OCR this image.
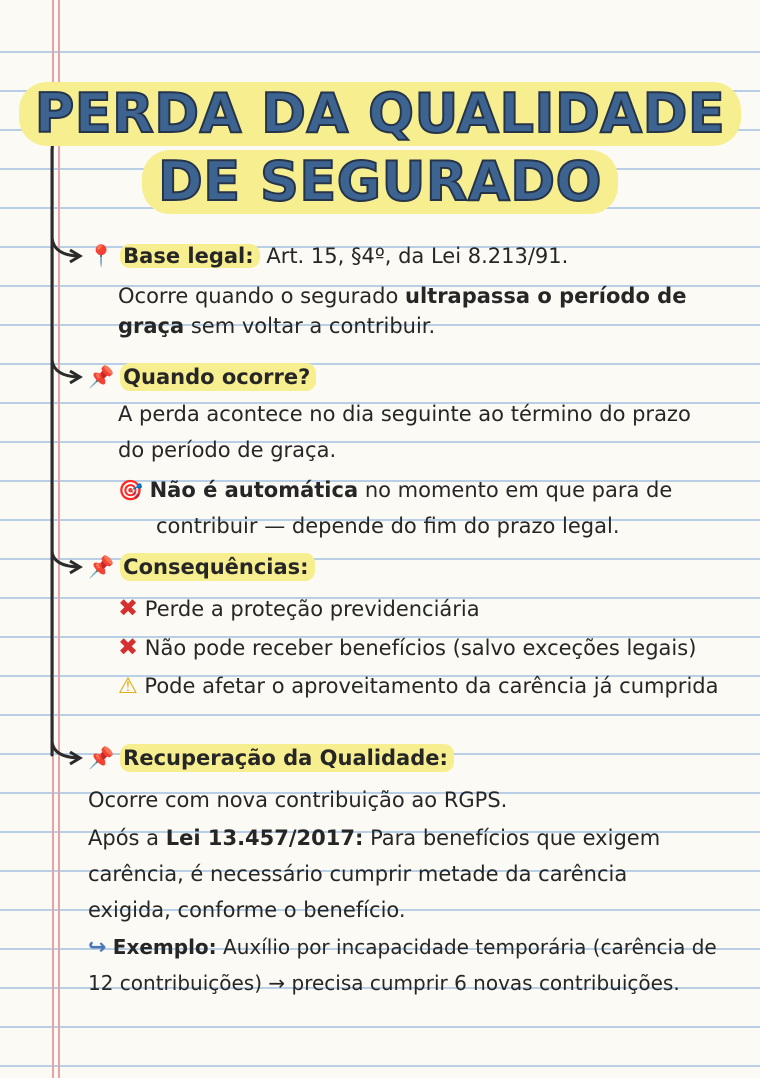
PERDA DA QUALIDADE
DE SEGURADO
📍 Base legal: Art. 15, §4º, da Lei 8.213/91.
Ocorre quando o segurado ultrapassa o período de
graça sem voltar a contribuir.
📌 Quando ocorre?
A perda acontece no dia seguinte ao término do prazo
do período de graça.
🎯 Não é automática no momento em que para de
contribuir — depende do fim do prazo legal.
📌 Consequências:
✖ Perde a proteção previdenciária
✖ Não pode receber benefícios (salvo exceções legais)
⚠ Pode afetar o aproveitamento da carência já cumprida
📌 Recuperação da Qualidade:
Ocorre com nova contribuição ao RGPS.
Após a Lei 13.457/2017: Para benefícios que exigem
carência, é necessário cumprir metade da carência
exigida, conforme o benefício.
↪ Exemplo: Auxílio por incapacidade temporária (carência de
12 contribuições) → precisa cumprir 6 novas contribuições.
